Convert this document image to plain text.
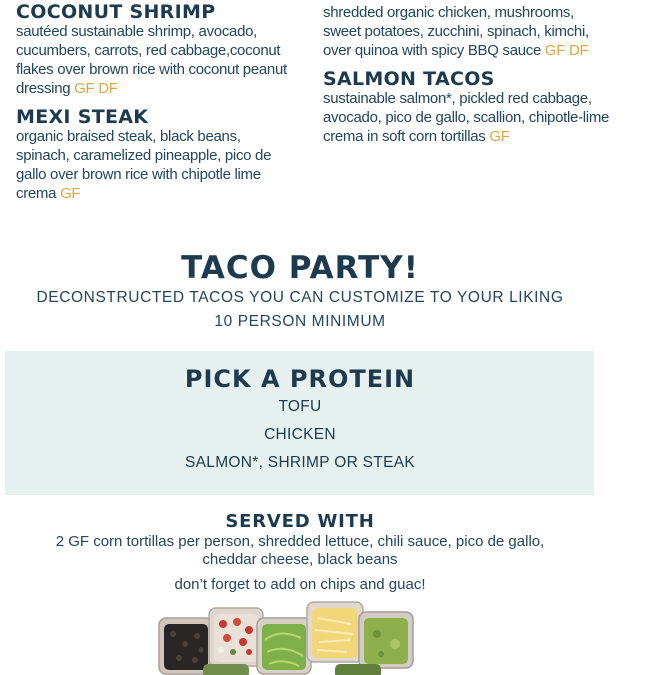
COCONUT SHRIMP
sautéed sustainable shrimp, avocado, cucumbers, carrots, red cabbage,coconut flakes over brown rice with coconut peanut dressing GF DF
MEXI STEAK
organic braised steak, black beans, spinach, caramelized pineapple, pico de gallo over brown rice with chipotle lime crema GF
shredded organic chicken, mushrooms, sweet potatoes, zucchini, spinach, kimchi, over quinoa with spicy BBQ sauce GF DF
SALMON TACOS
sustainable salmon*, pickled red cabbage, avocado, pico de gallo, scallion, chipotle-lime crema in soft corn tortillas GF
TACO PARTY!
DECONSTRUCTED TACOS YOU CAN CUSTOMIZE TO YOUR LIKING
10 PERSON MINIMUM
PICK A PROTEIN
TOFU
CHICKEN
SALMON*, SHRIMP OR STEAK
SERVED WITH
2 GF corn tortillas per person, shredded lettuce, chili sauce, pico de gallo, cheddar cheese, black beans
don’t forget to add on chips and guac!
